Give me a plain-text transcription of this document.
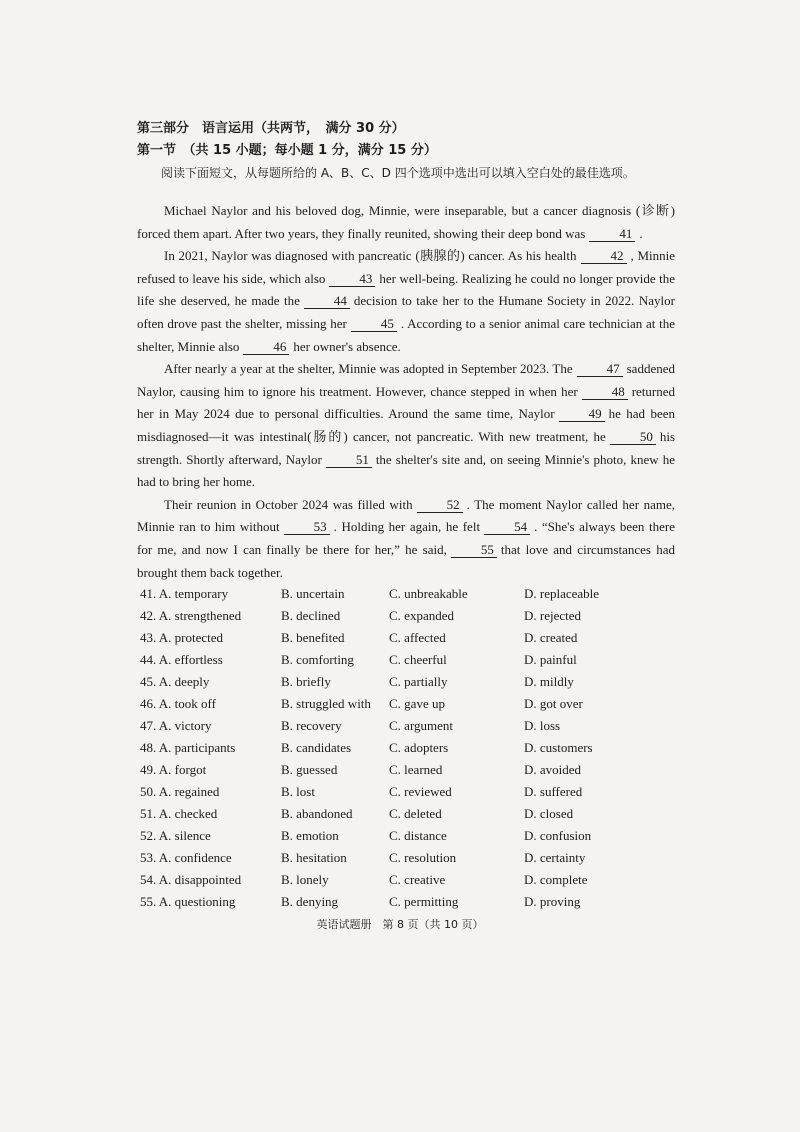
第三部分　语言运用（共两节，　满分 30 分）
第一节　（共 15 小题；每小题 1 分，满分 15 分）

阅读下面短文，从每题所给的 A、B、C、D 四个选项中选出可以填入空白处的最佳选项。

Michael Naylor and his beloved dog, Minnie, were inseparable, but a cancer diagnosis (诊断) forced them apart. After two years, they finally reunited, showing their deep bond was	41 .

In 2021, Naylor was diagnosed with pancreatic (胰腺的) cancer. As his health	42 , Minnie refused to leave his side, which also	43 her well-being. Realizing he could no longer provide the life she deserved, he made the	44 decision to take her to the Humane Society in 2022. Naylor often drove past the shelter, missing her	45 . According to a senior animal care technician at the shelter, Minnie also	46 her owner's absence.

After nearly a year at the shelter, Minnie was adopted in September 2023. The	47 saddened Naylor, causing him to ignore his treatment. However, chance stepped in when her	48 returned her in May 2024 due to personal difficulties. Around the same time, Naylor	49 he had been misdiagnosed—it was intestinal(肠的) cancer, not pancreatic. With new treatment, he	50 his strength. Shortly afterward, Naylor	51 the shelter's site and, on seeing Minnie's photo, knew he had to bring her home.

Their reunion in October 2024 was filled with	52 . The moment Naylor called her name, Minnie ran to him without	53 . Holding her again, he felt	54 . “She's always been there for me, and now I can finally be there for her,” he said,	55 that love and circumstances had brought them back together.

41. A. temporary	B. uncertain	C. unbreakable	D. replaceable
42. A. strengthened	B. declined	C. expanded	D. rejected
43. A. protected	B. benefited	C. affected	D. created
44. A. effortless	B. comforting	C. cheerful	D. painful
45. A. deeply	B. briefly	C. partially	D. mildly
46. A. took off	B. struggled with C. gave up	D. got over
47. A. victory	B. recovery	C. argument	D. loss
48. A. participants	B. candidates	C. adopters	D. customers
49. A. forgot	B. guessed	C. learned	D. avoided
50. A. regained	B. lost	C. reviewed	D. suffered
51. A. checked	B. abandoned	C. deleted	D. closed
52. A. silence	B. emotion	C. distance	D. confusion
53. A. confidence	B. hesitation	C. resolution	D. certainty
54. A. disappointed	B. lonely	C. creative	D. complete
55. A. questioning	B. denying	C. permitting	D. proving
英语试题册　第 8 页（共 10 页）
